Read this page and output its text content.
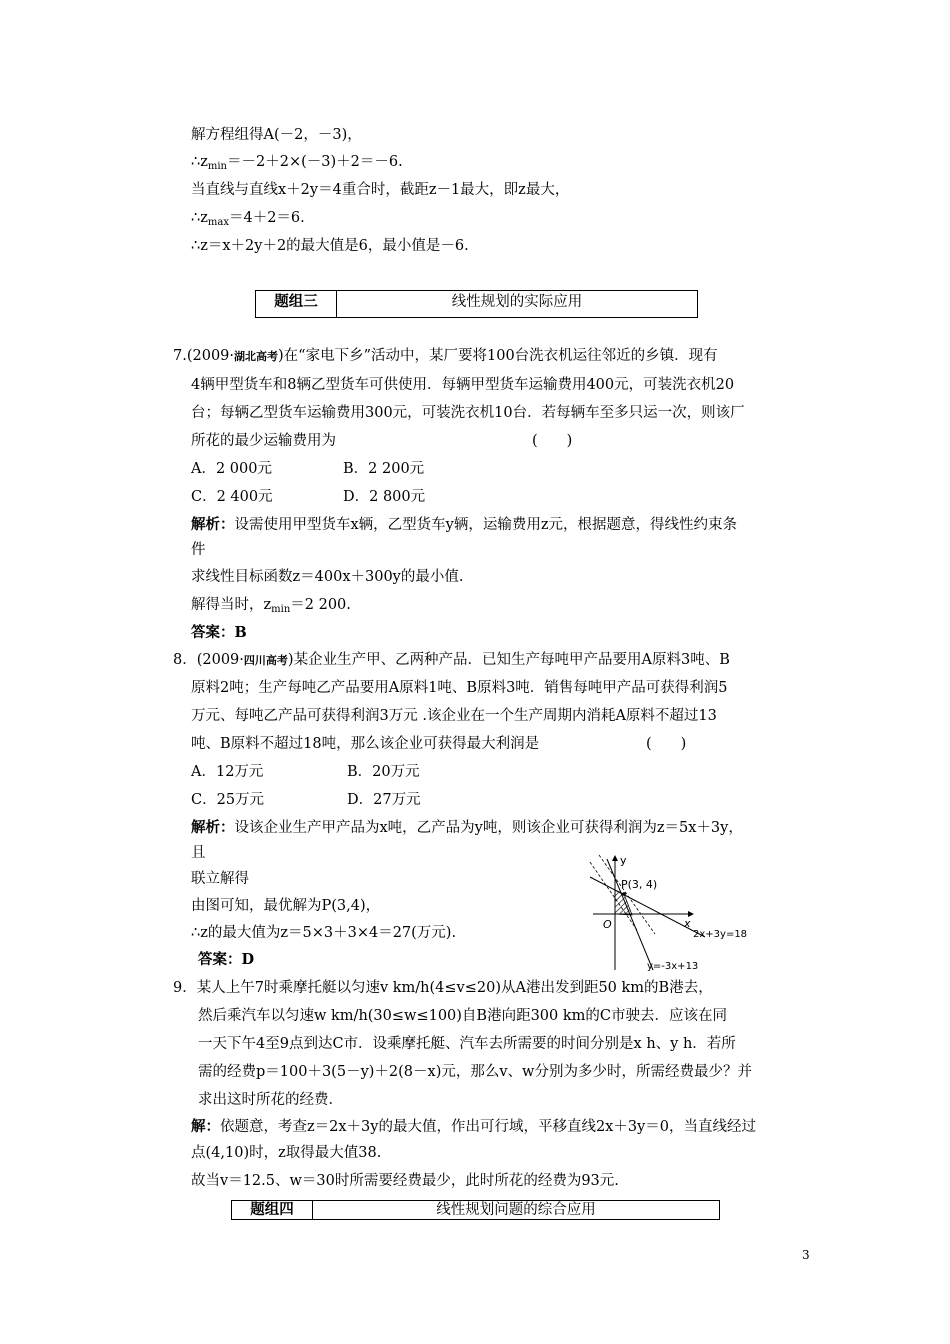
解方程组得A(－2，－3)，
$\therefore z_{min}=-2+2\times(-3)+2=-6$.
当直线与直线x＋2y＝4重合时，截距z－1最大，即z最大，
$\therefore z_{max}=4+2=6$.
∴z＝x＋2y＋2的最大值是6，最小值是－6.
题组三	线性规划的实际应用
7.(2009·湖北高考)在“家电下乡”活动中，某厂要将100台洗衣机运往邻近的乡镇．现有
4辆甲型货车和8辆乙型货车可供使用．每辆甲型货车运输费用400元，可装洗衣机20
台；每辆乙型货车运输费用300元，可装洗衣机10台．若每辆车至多只运一次，则该厂
所花的最少运输费用为	(　　)
A．2 000元	B．2 200元
C．2 400元	D．2 800元
解析：设需使用甲型货车x辆，乙型货车y辆，运输费用z元，根据题意，得线性约束条
件
求线性目标函数z＝400x＋300y的最小值.
解得当时，$z_{min}=2$ 200.
答案：B
8．(2009·四川高考)某企业生产甲、乙两种产品．已知生产每吨甲产品要用A原料3吨、B
原料2吨；生产每吨乙产品要用A原料1吨、B原料3吨．销售每吨甲产品可获得利润5
万元、每吨乙产品可获得利润3万元 .该企业在一个生产周期内消耗A原料不超过13
吨、B原料不超过18吨，那么该企业可获得最大利润是	(　　)
A．12万元	B．20万元
C．25万元	D．27万元
解析：设该企业生产甲产品为x吨，乙产品为y吨，则该企业可获得利润为z＝5x＋3y，
且
联立解得
由图可知，最优解为P(3,4)，
∴z的最大值为z＝5×3＋3×4＝27(万元).
答案：D
y
x
O
P(3, 4)
2x+3y=18
y=-3x+13
9．某人上午7时乘摩托艇以匀速v km/h(4≤v≤20)从A港出发到距50 km的B港去，
然后乘汽车以匀速w km/h(30≤w≤100)自B港向距300 km的C市驶去．应该在同
一天下午4至9点到达C市．设乘摩托艇、汽车去所需要的时间分别是x h、y h．若所
需的经费p＝100＋3(5－y)＋2(8－x)元，那么v、w分别为多少时，所需经费最少？并
求出这时所花的经费．
解：依题意，考查z＝2x＋3y的最大值，作出可行域，平移直线2x＋3y＝0，当直线经过
点(4,10)时，z取得最大值38.
故当v＝12.5、w＝30时所需要经费最少，此时所花的经费为93元.
题组四	线性规划问题的综合应用
3
